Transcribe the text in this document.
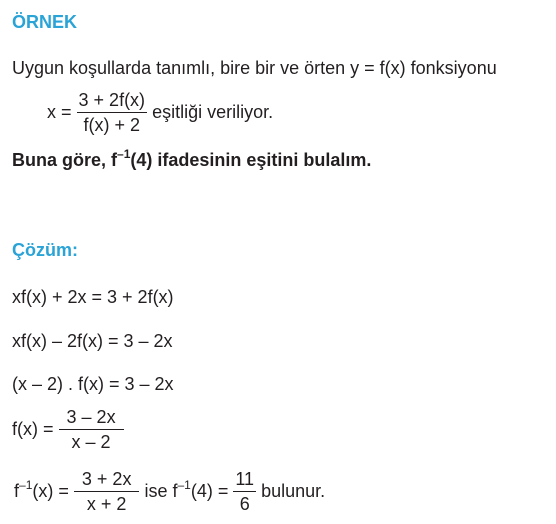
ÖRNEK
Uygun koşullarda tanımlı, bire bir ve örten y = f(x) fonksiyonu
$x = \frac{3 + 2f(x)}{f(x) + 2}$ eşitliği veriliyor.
Buna göre, $f^{-1}(4)$ ifadesinin eşitini bulalım.
Çözüm:
xf(x) + 2x = 3 + 2f(x)
xf(x) – 2f(x) = 3 – 2x
(x – 2) . f(x) = 3 – 2x
$f(x) = \frac{3 - 2x}{x - 2}$
$f^{-1}(x) = \frac{3 + 2x}{x + 2}$ ise $f^{-1}(4) = \frac{11}{6}$ bulunur.
